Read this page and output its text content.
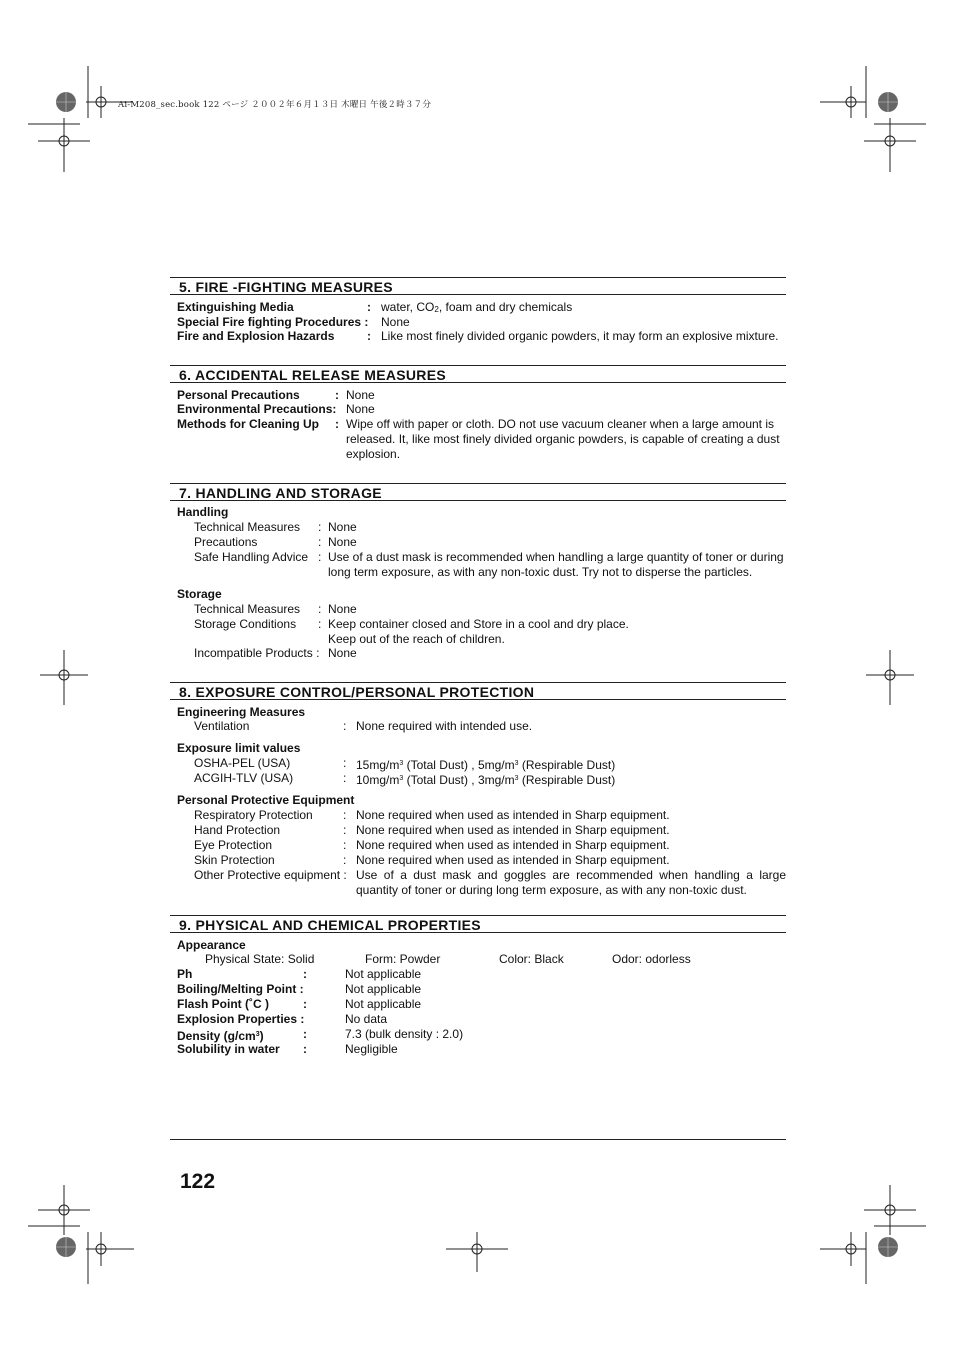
Ai-M208_sec.book 122 ページ ２００２年６月１３日 木曜日 午後２時３７分
5. FIRE -FIGHTING MEASURES
Extinguishing Media	: water, $CO_2$, foam and dry chemicals
Special Fire fighting Procedures : None
Fire and Explosion Hazards	: Like most finely divided organic powders, it may form an explosive mixture.
6. ACCIDENTAL RELEASE MEASURES
Personal Precautions	: None
Environmental Precautions: None
Methods for Cleaning Up : Wipe off with paper or cloth. DO not use vacuum cleaner when a large amount is released. It, like most finely divided organic powders, is capable of creating a dust explosion.
7. HANDLING AND STORAGE
Handling
Technical Measures : None
Precautions	: None
Safe Handling Advice : Use of a dust mask is recommended when handling a large quantity of toner or during long term exposure, as with any non-toxic dust. Try not to disperse the particles.
Storage
Technical Measures : None
Storage Conditions : Keep container closed and Store in a cool and dry place.
Keep out of the reach of children.
Incompatible Products : None
8. EXPOSURE CONTROL/PERSONAL PROTECTION
Engineering Measures
Ventilation	: None required with intended use.
Exposure limit values
OSHA-PEL (USA)	: $15mg/m^3$ (Total Dust) , $5mg/m^3$ (Respirable Dust)
ACGIH-TLV (USA)	: $10mg/m^3$ (Total Dust) , $3mg/m^3$ (Respirable Dust)
Personal Protective Equipment
Respiratory Protection	: None required when used as intended in Sharp equipment.
Hand Protection	: None required when used as intended in Sharp equipment.
Eye Protection	: None required when used as intended in Sharp equipment.
Skin Protection	: None required when used as intended in Sharp equipment.
Other Protective equipment : Use of a dust mask and goggles are recommended when handling a large quantity of toner or during long term exposure, as with any non-toxic dust.
9. PHYSICAL AND CHEMICAL PROPERTIES
Appearance
Physical State: Solid	Form: Powder	Color: Black	Odor: odorless
Ph	:	Not applicable
Boiling/Melting Point :	Not applicable
Flash Point (˚C )	:	Not applicable
Explosion Properties :	No data
Density $(g/cm^3)$	:	7.3 (bulk density : 2.0)
Solubility in water :	Negligible
122
